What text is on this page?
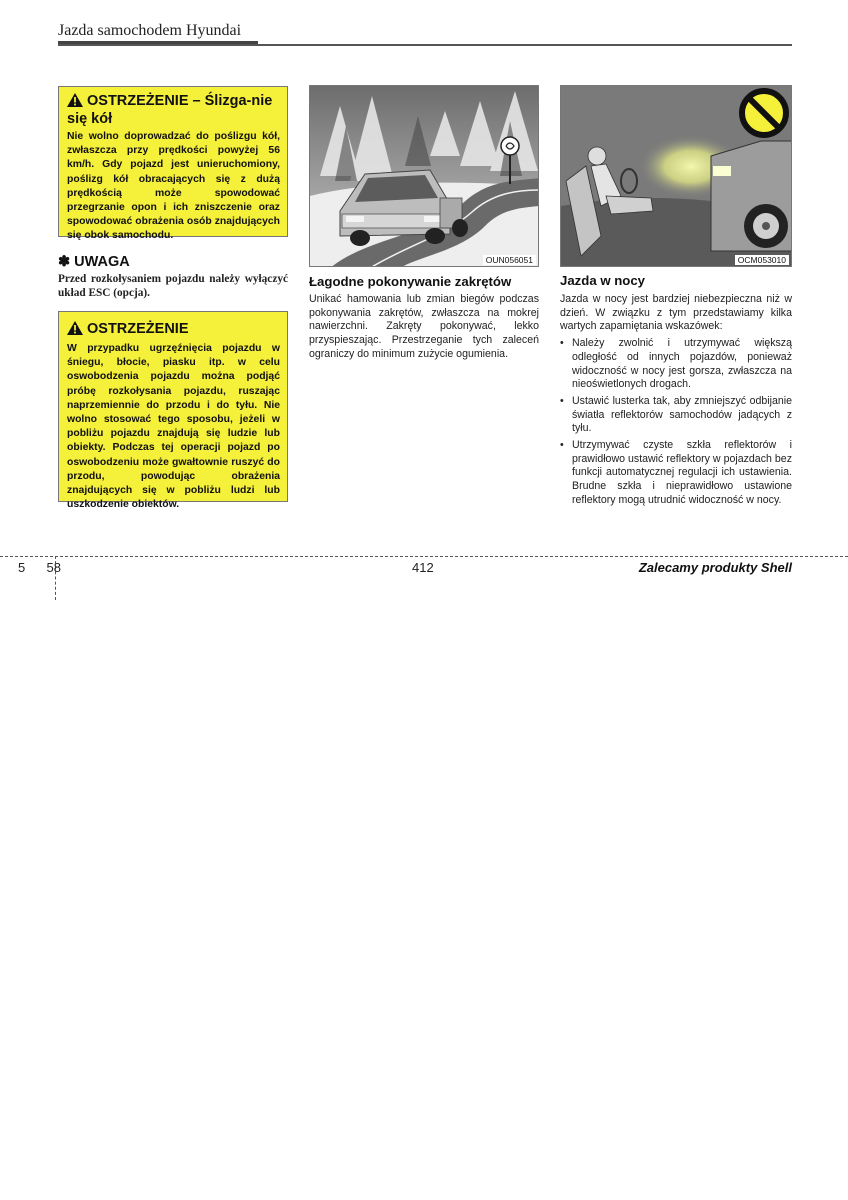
Jazda samochodem Hyundai
OSTRZEŻENIE – Ślizga-nie się kół
Nie wolno doprowadzać do poślizgu kół, zwłaszcza przy prędkości powyżej 56 km/h. Gdy pojazd jest unieruchomiony, poślizg kół obracających się z dużą prędkością może spowodować przegrzanie opon i ich zniszczenie oraz spowodować obrażenia osób znajdujących się obok samochodu.
✽ UWAGA
Przed rozkołysaniem pojazdu należy wyłączyć układ ESC (opcja).
OSTRZEŻENIE
W przypadku ugrzęźnięcia pojazdu w śniegu, błocie, piasku itp. w celu oswobodzenia pojazdu można podjąć próbę rozkołysania pojazdu, ruszając naprzemiennie do przodu i do tyłu. Nie wolno stosować tego sposobu, jeżeli w pobliżu pojazdu znajdują się ludzie lub obiekty. Podczas tej operacji pojazd po oswobodzeniu może gwałtownie ruszyć do przodu, powodując obrażenia znajdujących się w pobliżu ludzi lub uszkodzenie obiektów.
OUN056051
Łagodne pokonywanie zakrętów
Unikać hamowania lub zmian biegów podczas pokonywania zakrętów, zwłaszcza na mokrej nawierzchni. Zakręty pokonywać, lekko przyspieszając. Przestrzeganie tych zaleceń ograniczy do minimum zużycie ogumienia.
OCM053010
Jazda w nocy
Jazda w nocy jest bardziej niebezpieczna niż w dzień. W związku z tym przedstawiamy kilka wartych zapamiętania wskazówek:
• Należy zwolnić i utrzymywać większą odległość od innych pojazdów, ponieważ widoczność w nocy jest gorsza, zwłaszcza na nieoświetlonych drogach.
• Ustawić lusterka tak, aby zmniejszyć odbijanie światła reflektorów samochodów jadących z tyłu.
• Utrzymywać czyste szkła reflektorów i prawidłowo ustawić reflektory w pojazdach bez funkcji automatycznej regulacji ich ustawienia. Brudne szkła i nieprawidłowo ustawione reflektory mogą utrudnić widoczność w nocy.
5 58	412	Zalecamy produkty Shell
